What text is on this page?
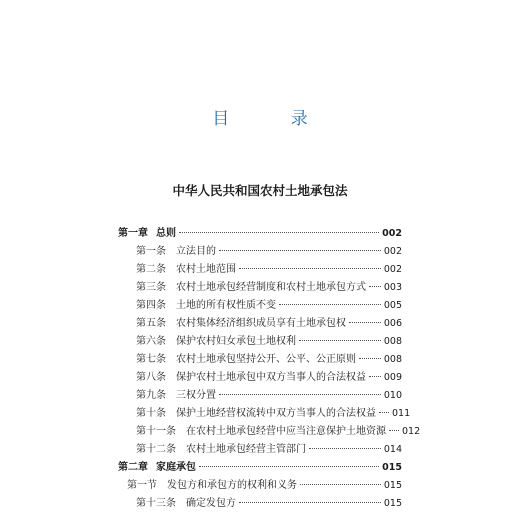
目 录
中华人民共和国农村土地承包法
第一章 总则	002
第一条 立法目的	002
第二条 农村土地范围	002
第三条 农村土地承包经营制度和农村土地承包方式 003
第四条 土地的所有权性质不变	005
第五条 农村集体经济组织成员享有土地承包权	006
第六条 保护农村妇女承包土地权利	008
第七条 农村土地承包坚持公开、公平、公正原则	008
第八条 保护农村土地承包中双方当事人的合法权益 009
第九条 三权分置	010
第十条 保护土地经营权流转中双方当事人的合法权益 011
第十一条 在农村土地承包经营中应当注意保护土地资源 012
第十二条 农村土地承包经营主管部门	014
第二章 家庭承包	015
第一节 发包方和承包方的权利和义务	015
第十三条 确定发包方	015
